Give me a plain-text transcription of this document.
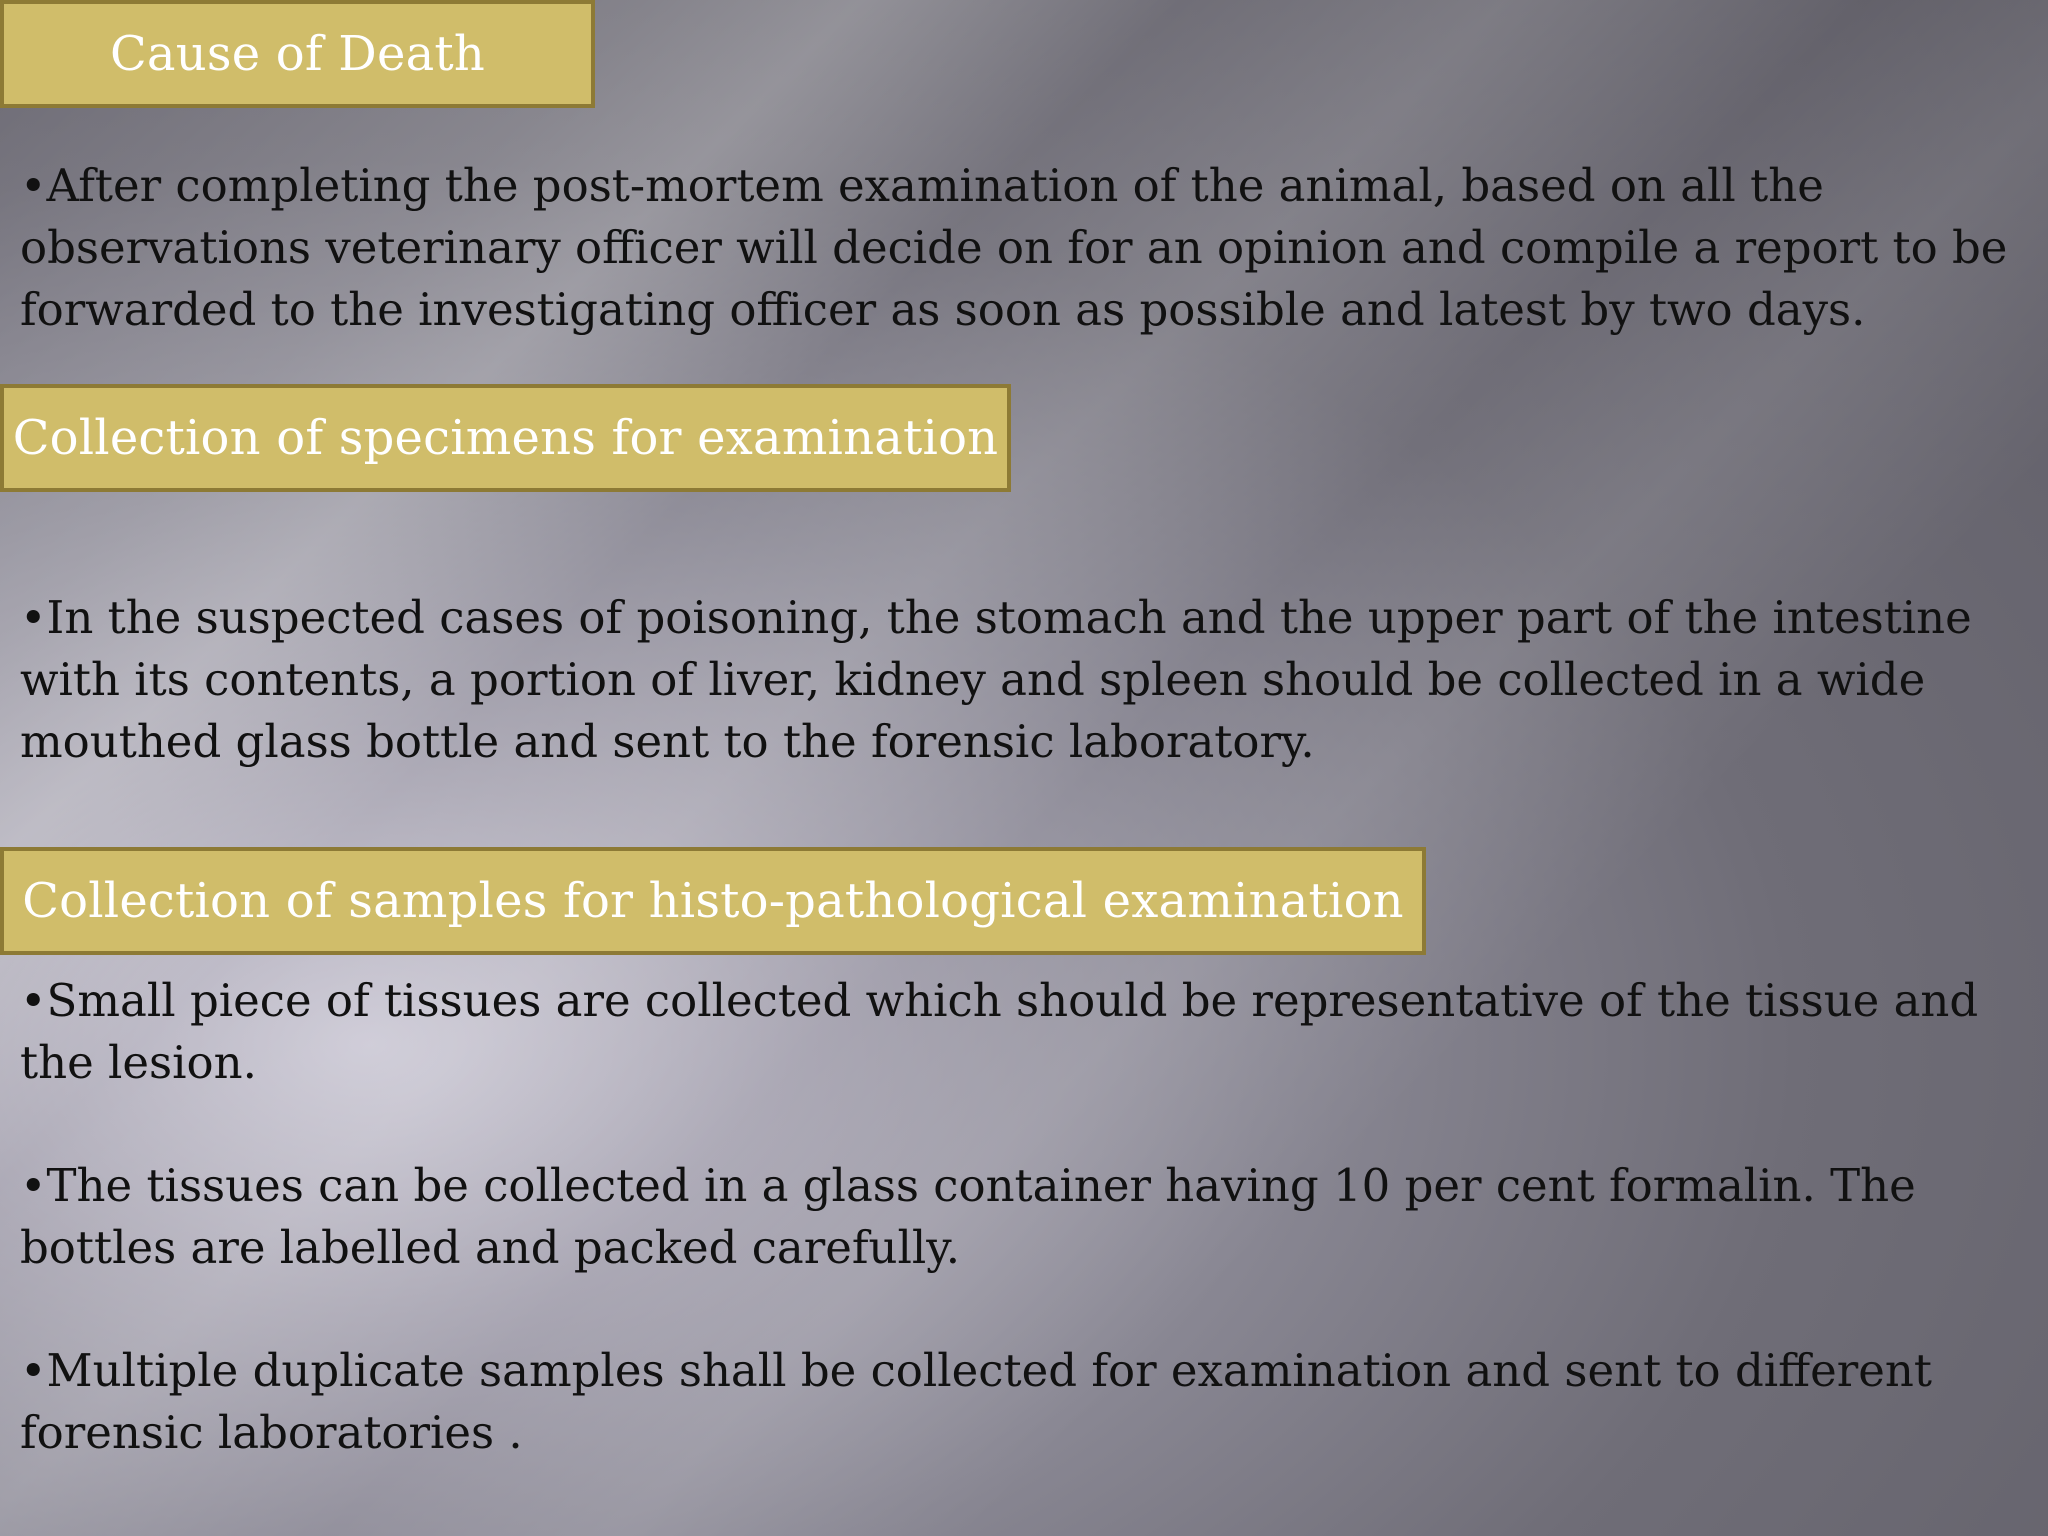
Cause of Death

•After completing the post-mortem examination of the animal, based on all the observations veterinary officer will decide on for an opinion and compile a report to be forwarded to the investigating officer as soon as possible and latest by two days.

Collection of specimens for examination

•In the suspected cases of poisoning, the stomach and the upper part of the intestine with its contents, a portion of liver, kidney and spleen should be collected in a wide mouthed glass bottle and sent to the forensic laboratory.

Collection of samples for histo-pathological examination

•Small piece of tissues are collected which should be representative of the tissue and the lesion.

•The tissues can be collected in a glass container having 10 per cent formalin. The bottles are labelled and packed carefully.

•Multiple duplicate samples shall be collected for examination and sent to different forensic laboratories .
